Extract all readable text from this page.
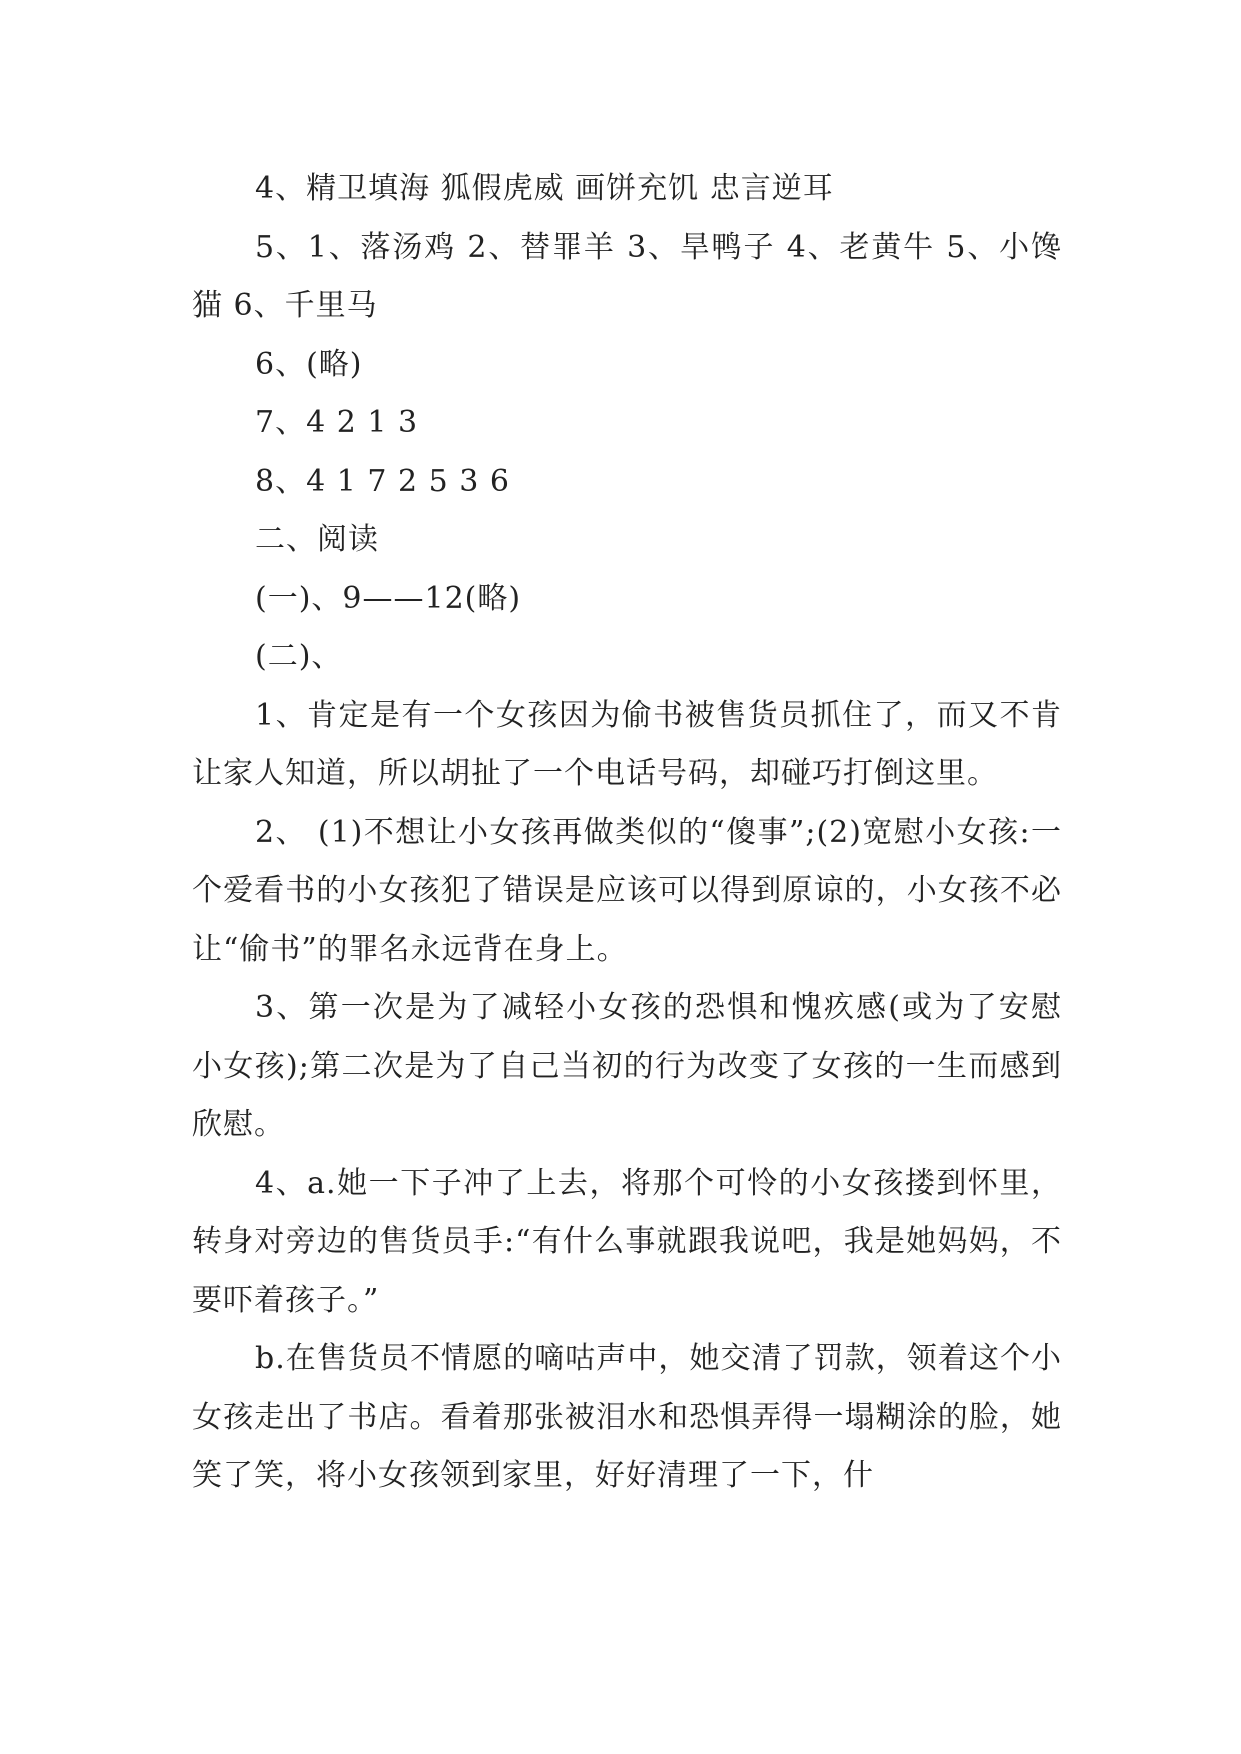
4、精卫填海 狐假虎威 画饼充饥 忠言逆耳

5、1、落汤鸡 2、替罪羊 3、旱鸭子 4、老黄牛 5、小馋猫 6、千里马

6、(略)

7、4 2 1 3

8、4 1 7 2 5 3 6

二、阅读

(一)、9——12(略)

(二)、

1、肯定是有一个女孩因为偷书被售货员抓住了，而又不肯让家人知道，所以胡扯了一个电话号码，却碰巧打倒这里。

2、 (1)不想让小女孩再做类似的“傻事”;(2)宽慰小女孩:一个爱看书的小女孩犯了错误是应该可以得到原谅的，小女孩不必让“偷书”的罪名永远背在身上。

3、第一次是为了减轻小女孩的恐惧和愧疚感(或为了安慰小女孩);第二次是为了自己当初的行为改变了女孩的一生而感到欣慰。

4、a.她一下子冲了上去，将那个可怜的小女孩搂到怀里，转身对旁边的售货员手:“有什么事就跟我说吧，我是她妈妈，不要吓着孩子。”

b.在售货员不情愿的嘀咕声中，她交清了罚款，领着这个小女孩走出了书店。看着那张被泪水和恐惧弄得一塌糊涂的脸，她笑了笑，将小女孩领到家里，好好清理了一下，什
